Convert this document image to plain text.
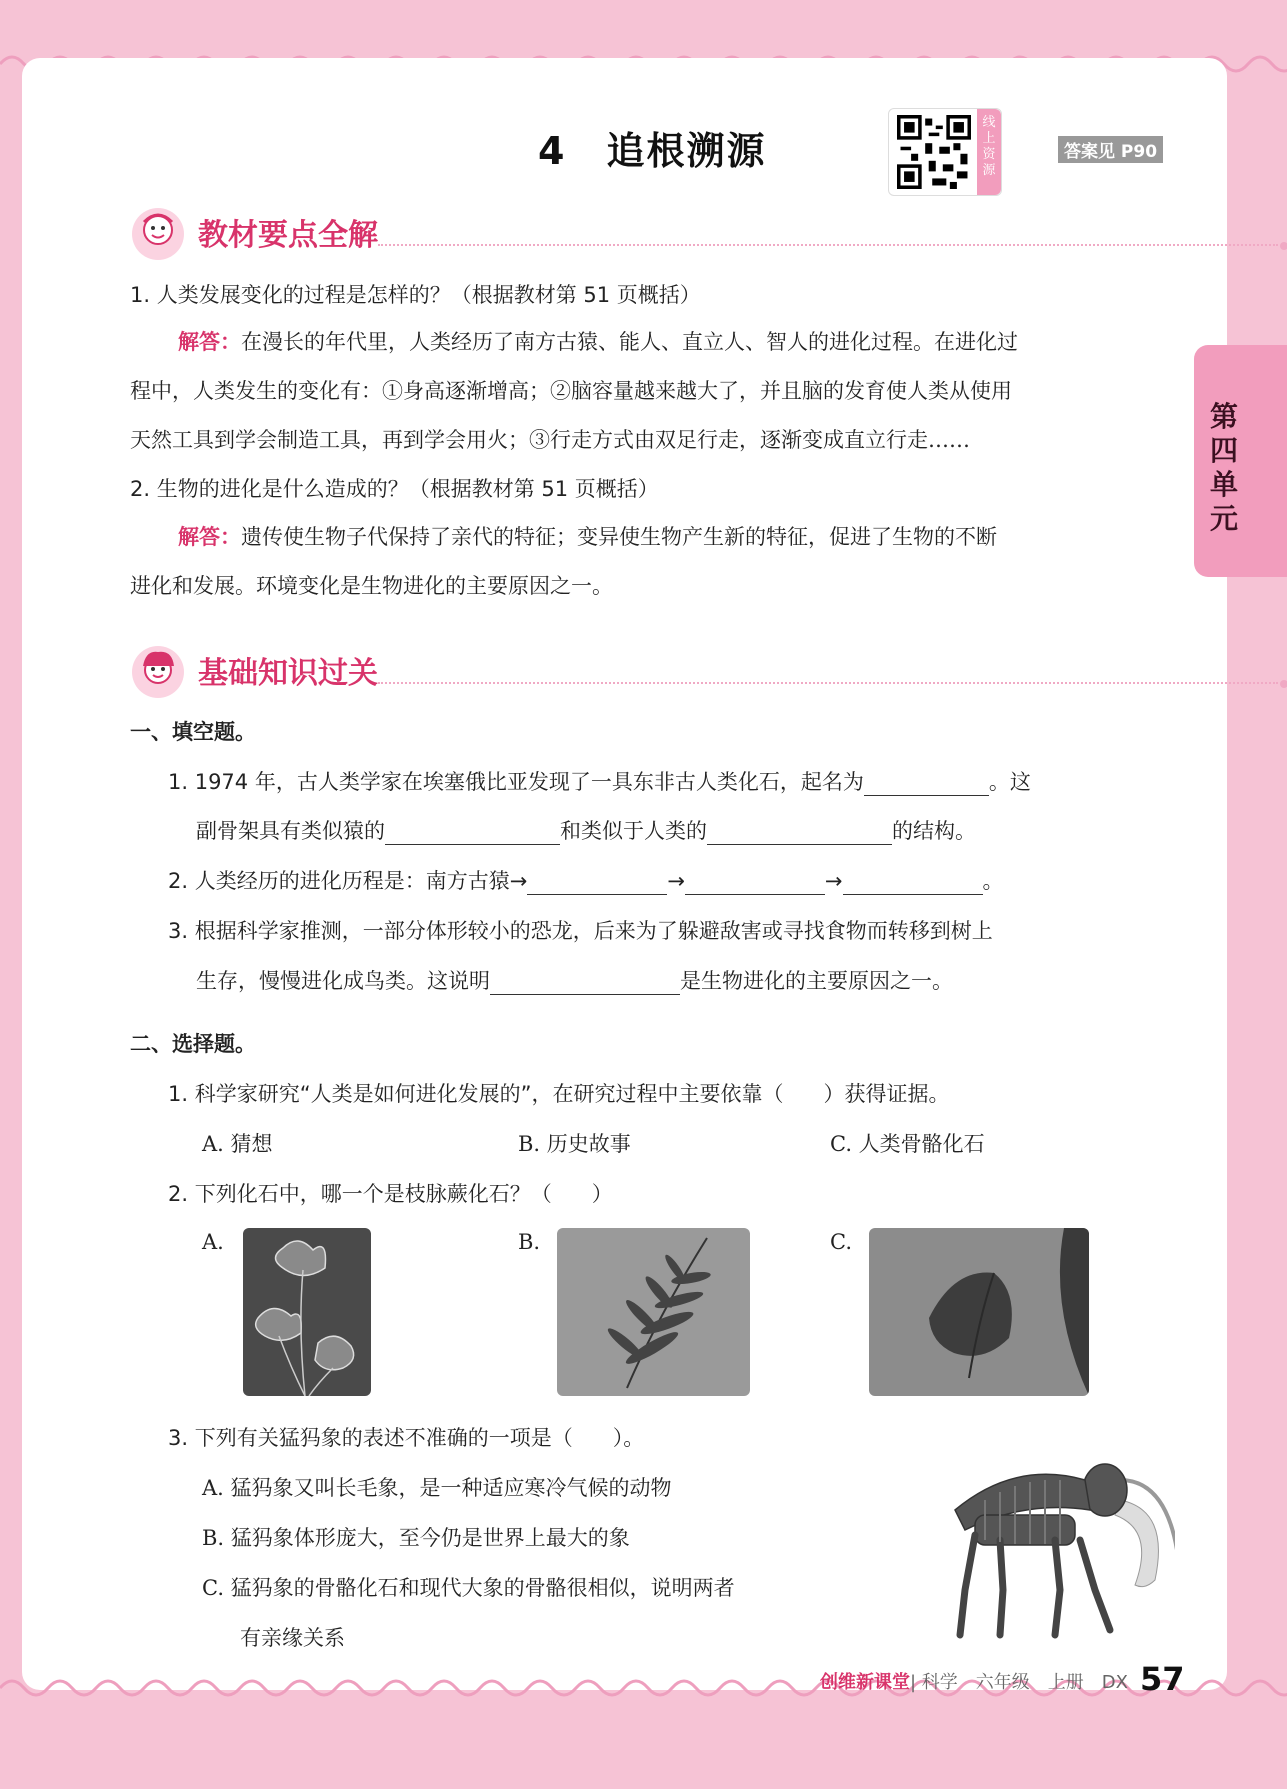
第四单元
4　追根溯源
线上资源
答案见 P90
教材要点全解
1. 人类发展变化的过程是怎样的？（根据教材第 51 页概括）
解答：在漫长的年代里，人类经历了南方古猿、能人、直立人、智人的进化过程。在进化过
程中，人类发生的变化有：①身高逐渐增高；②脑容量越来越大了，并且脑的发育使人类从使用
天然工具到学会制造工具，再到学会用火；③行走方式由双足行走，逐渐变成直立行走……
2. 生物的进化是什么造成的？（根据教材第 51 页概括）
解答：遗传使生物子代保持了亲代的特征；变异使生物产生新的特征，促进了生物的不断
进化和发展。环境变化是生物进化的主要原因之一。
基础知识过关
一、填空题。
1. 1974 年，古人类学家在埃塞俄比亚发现了一具东非古人类化石，起名为	。这
副骨架具有类似猿的	和类似于人类的	的结构。
2. 人类经历的进化历程是：南方古猿→	→	→	。
3. 根据科学家推测，一部分体形较小的恐龙，后来为了躲避敌害或寻找食物而转移到树上
生存，慢慢进化成鸟类。这说明	是生物进化的主要原因之一。
二、选择题。
1. 科学家研究“人类是如何进化发展的”，在研究过程中主要依靠（ ）获得证据。
A. 猜想	B. 历史故事	C. 人类骨骼化石
2. 下列化石中，哪一个是枝脉蕨化石？（ ）
A.	B.	C.
3. 下列有关猛犸象的表述不准确的一项是（ ）。
A. 猛犸象又叫长毛象，是一种适应寒冷气候的动物
B. 猛犸象体形庞大，至今仍是世界上最大的象
C. 猛犸象的骨骼化石和现代大象的骨骼很相似，说明两者
有亲缘关系
创维新课堂| 科学　六年级　上册　DX 57
